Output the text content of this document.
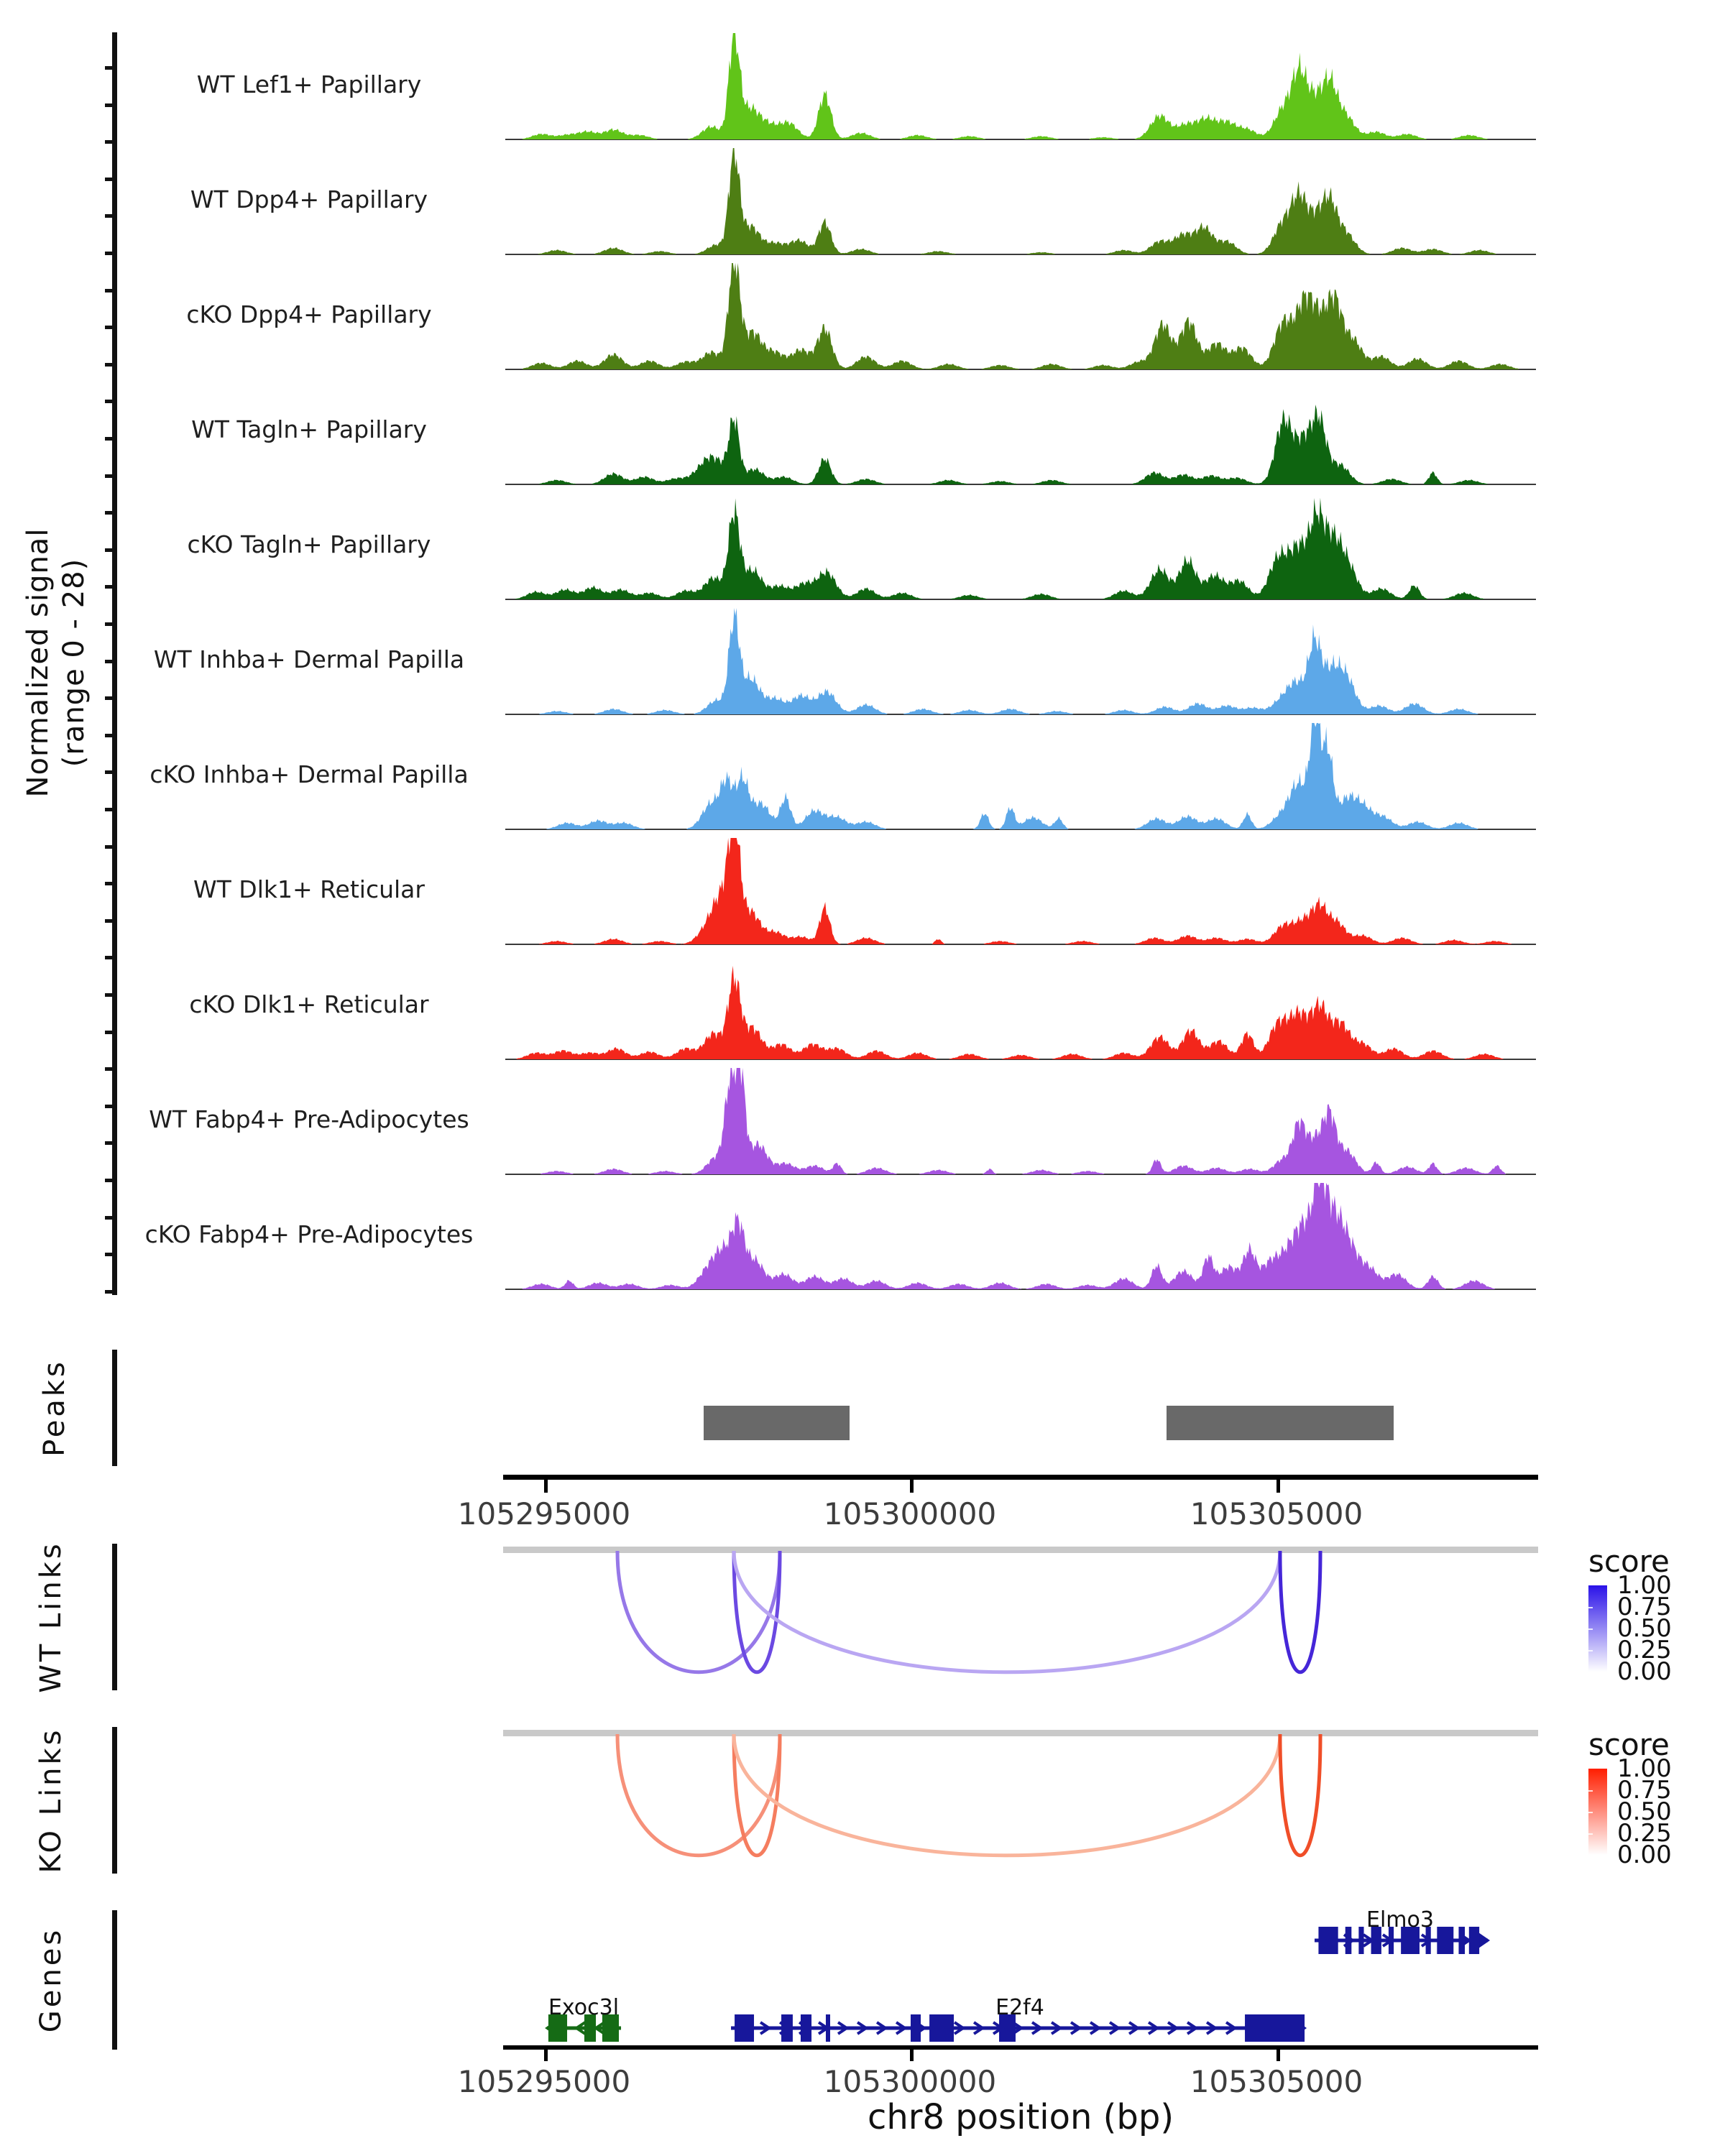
Normalized signal (range 0 - 28)
Peaks
WT Links
KO Links
Genes
WT Lef1+ Papillary
WT Dpp4+ Papillary
cKO Dpp4+ Papillary
WT Tagln+ Papillary
cKO Tagln+ Papillary
WT Inhba+ Dermal Papilla
cKO Inhba+ Dermal Papilla
WT Dlk1+ Reticular
cKO Dlk1+ Reticular
WT Fabp4+ Pre-Adipocytes
cKO Fabp4+ Pre-Adipocytes
105295000	105300000	105305000
score
1.00
0.75
0.50
0.25
0.00
score
1.00
0.75
0.50
0.25
0.00
Elmo3
Exoc3l	E2f4
105295000	105300000	105305000
chr8 position (bp)
